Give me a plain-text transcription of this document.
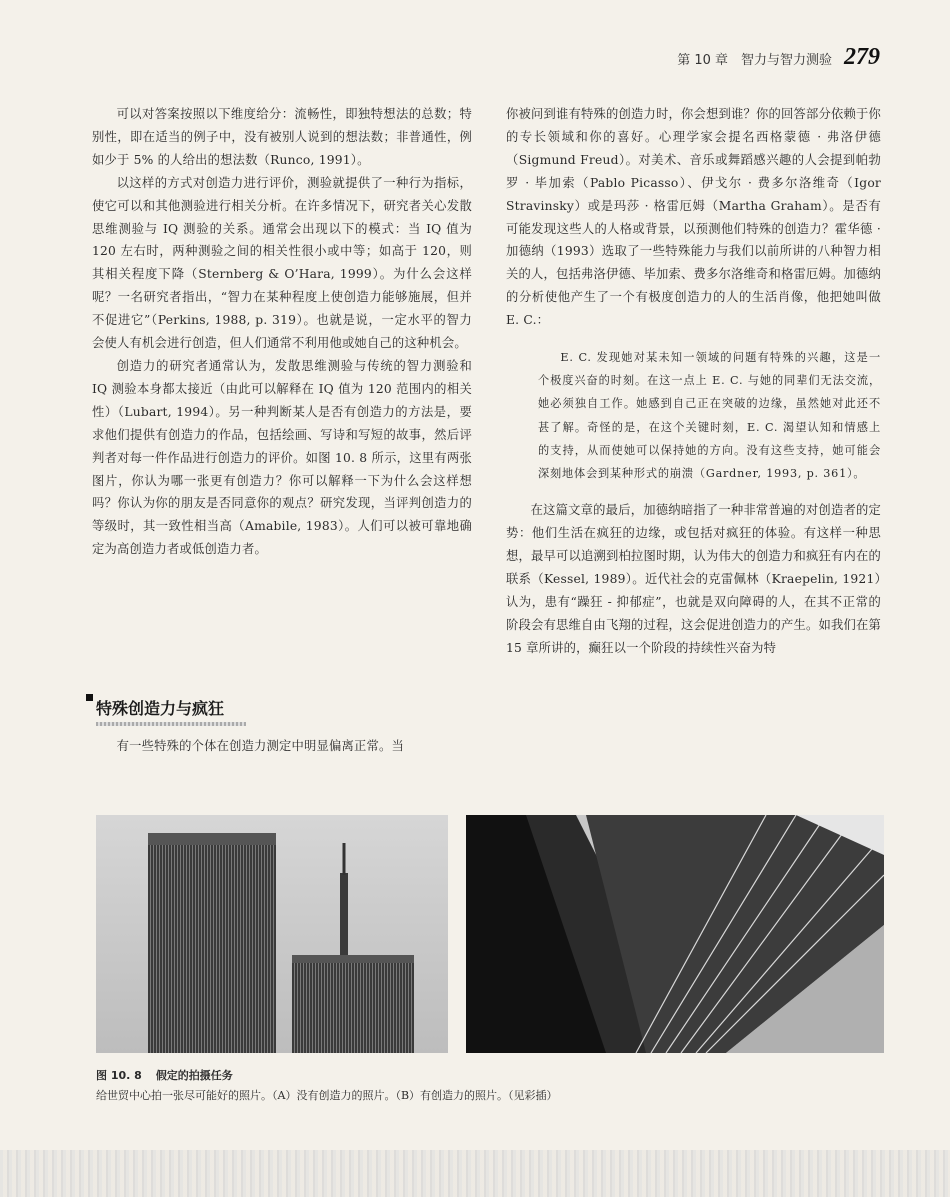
第 10 章　智力与智力测验 279

可以对答案按照以下维度给分：流畅性，即独特想法的总数；特别性，即在适当的例子中，没有被别人说到的想法数；非普通性，例如少于 5% 的人给出的想法数（Runco, 1991）。

以这样的方式对创造力进行评价，测验就提供了一种行为指标，使它可以和其他测验进行相关分析。在许多情况下，研究者关心发散思维测验与 IQ 测验的关系。通常会出现以下的模式：当 IQ 值为 120 左右时，两种测验之间的相关性很小或中等；如高于 120，则其相关程度下降（Sternberg & O’Hara, 1999）。为什么会这样呢？一名研究者指出，“智力在某种程度上使创造力能够施展，但并不促进它”（Perkins, 1988, p. 319）。也就是说，一定水平的智力会使人有机会进行创造，但人们通常不利用他或她自己的这种机会。

创造力的研究者通常认为，发散思维测验与传统的智力测验和 IQ 测验本身都太接近（由此可以解释在 IQ 值为 120 范围内的相关性）（Lubart, 1994）。另一种判断某人是否有创造力的方法是，要求他们提供有创造力的作品，包括绘画、写诗和写短的故事，然后评判者对每一件作品进行创造力的评价。如图 10. 8 所示，这里有两张图片，你认为哪一张更有创造力？你可以解释一下为什么会这样想吗？你认为你的朋友是否同意你的观点？研究发现，当评判创造力的等级时，其一致性相当高（Amabile, 1983）。人们可以被可靠地确定为高创造力者或低创造力者。

特殊创造力与疯狂

有一些特殊的个体在创造力测定中明显偏离正常。当

你被问到谁有特殊的创造力时，你会想到谁？你的回答部分依赖于你的专长领域和你的喜好。心理学家会提名西格蒙德 · 弗洛伊德（Sigmund Freud）。对美术、音乐或舞蹈感兴趣的人会提到帕勃罗 · 毕加索（Pablo Picasso）、伊戈尔 · 费多尔洛维奇（Igor Stravinsky）或是玛莎 · 格雷厄姆（Martha Graham）。是否有可能发现这些人的人格或背景，以预测他们特殊的创造力？霍华德 · 加德纳（1993）选取了一些特殊能力与我们以前所讲的八种智力相关的人，包括弗洛伊德、毕加索、费多尔洛维奇和格雷厄姆。加德纳的分析使他产生了一个有极度创造力的人的生活肖像，他把她叫做 E. C.：

E. C. 发现她对某未知一领域的问题有特殊的兴趣，这是一个极度兴奋的时刻。在这一点上 E. C. 与她的同辈们无法交流，她必须独自工作。她感到自己正在突破的边缘，虽然她对此还不甚了解。奇怪的是，在这个关键时刻，E. C. 渴望认知和情感上的支持，从而使她可以保持她的方向。没有这些支持，她可能会深刻地体会到某种形式的崩溃（Gardner, 1993, p. 361）。

在这篇文章的最后，加德纳暗指了一种非常普遍的对创造者的定势：他们生活在疯狂的边缘，或包括对疯狂的体验。有这样一种思想，最早可以追溯到柏拉图时期，认为伟大的创造力和疯狂有内在的联系（Kessel, 1989）。近代社会的克雷佩林（Kraepelin, 1921）认为，患有“躁狂 - 抑郁症”，也就是双向障碍的人，在其不正常的阶段会有思维自由飞翔的过程，这会促进创造力的产生。如我们在第 15 章所讲的，癫狂以一个阶段的持续性兴奋为特

图 10. 8 假定的拍摄任务
给世贸中心拍一张尽可能好的照片。（A）没有创造力的照片。（B）有创造力的照片。（见彩插）
